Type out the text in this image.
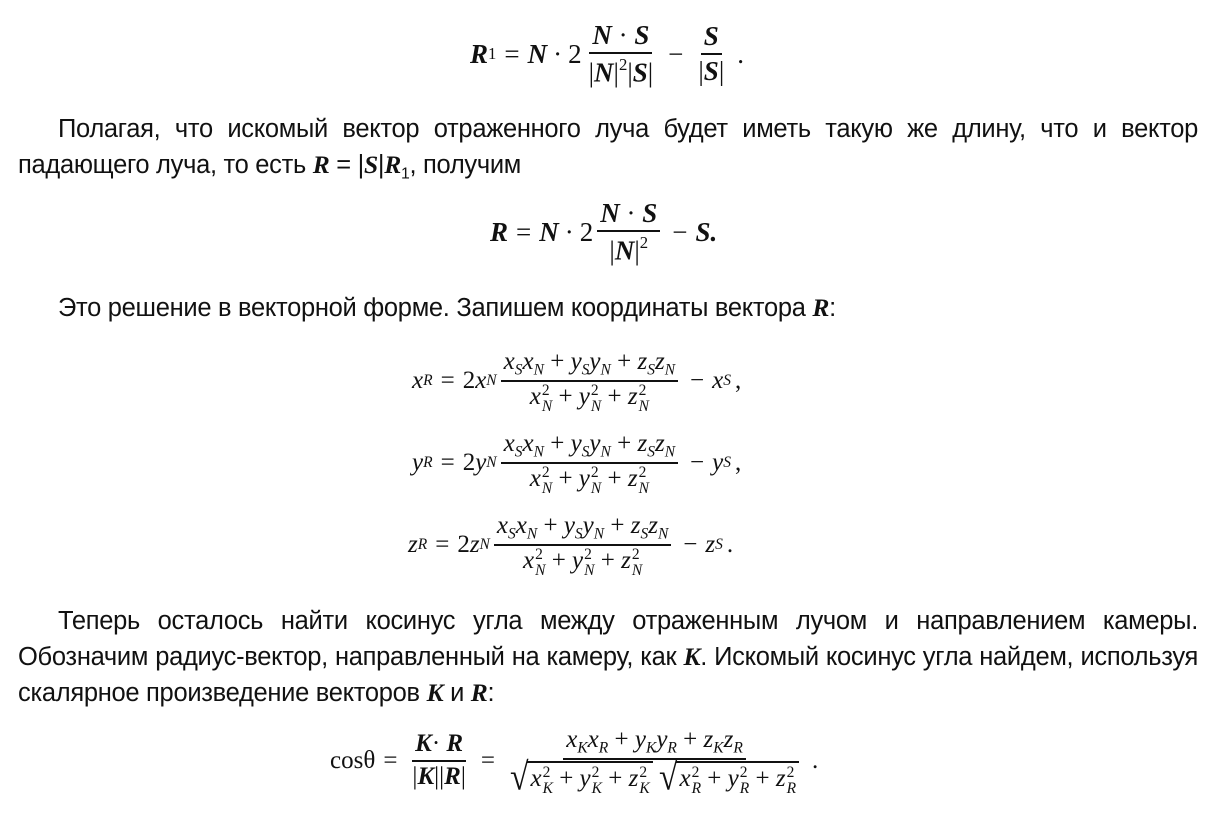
R $1 = N \cdot 2 \frac{N \cdot S}{|N|^2|S|} - \frac{S}{|S|}$ .

Полагая, что искомый вектор отраженного луча будет иметь такую же длину, что и вектор падающего луча, то есть $R = |S|R_1$, получим

$R = N \cdot 2 \frac{N \cdot S}{|N|^2} - S$.

Это решение в векторной форме. Запишем координаты вектора R:

x R = 2 x N $x_Sx_N + y_Sy_N + z_Sz_N$
x 2
N + y 2
N + z 2
N − x S ,
y R = 2 y N $x_Sx_N + y_Sy_N + z_Sz_N$
x 2
N + y 2
N + z 2
N − y S ,
z R = 2 z N $x_Sx_N + y_Sy_N + z_Sz_N$
x 2
N + y 2
N + z 2
N − z S .

Теперь осталось найти косинус угла между отраженным лучом и направлением камеры. Обозначим радиус-вектор, направленный на камеру, как K. Искомый косинус угла найдем, используя скалярное произведение векторов K и R:

$\cos\theta = \frac{K\cdot R}{|K||R|} = x_Kx_R + y_Ky_R + z_Kz_R$
√ x 2
K + y 2
K + z 2
K
√ x 2
R + y 2
R + z 2
R .
